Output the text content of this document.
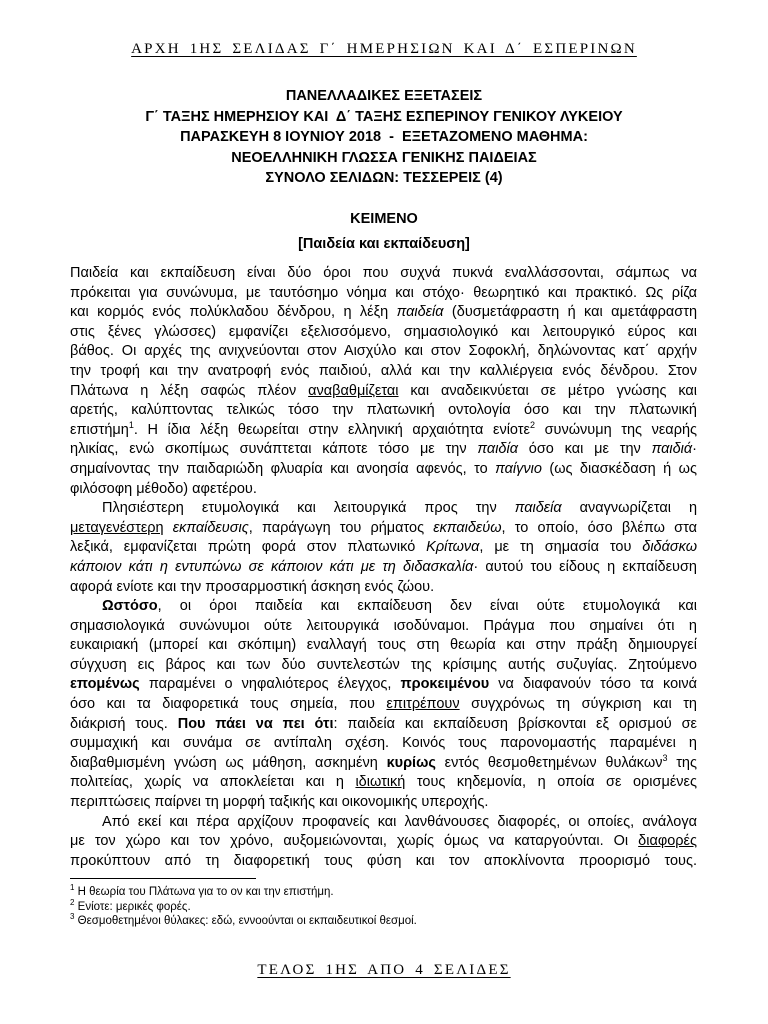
ΑΡΧΗ 1ΗΣ ΣΕΛΙΔΑΣ Γ΄ ΗΜΕΡΗΣΙΩΝ ΚΑΙ Δ΄ ΕΣΠΕΡΙΝΩΝ
ΠΑΝΕΛΛΑΔΙΚΕΣ ΕΞΕΤΑΣΕΙΣ
Γ΄ ΤΑΞΗΣ ΗΜΕΡΗΣΙΟΥ ΚΑΙ  Δ΄ ΤΑΞΗΣ ΕΣΠΕΡΙΝΟΥ ΓΕΝΙΚΟΥ ΛΥΚΕΙΟΥ
ΠΑΡΑΣΚΕΥΗ 8 ΙΟΥΝΙΟΥ 2018  -  ΕΞΕΤΑΖΟΜΕΝΟ ΜΑΘΗΜΑ:
ΝΕΟΕΛΛΗΝΙΚΗ ΓΛΩΣΣΑ ΓΕΝΙΚΗΣ ΠΑΙΔΕΙΑΣ
ΣΥΝΟΛΟ ΣΕΛΙΔΩΝ: ΤΕΣΣΕΡΕΙΣ (4)
ΚΕΙΜΕΝΟ
[Παιδεία και εκπαίδευση]
Παιδεία και εκπαίδευση είναι δύο όροι που συχνά πυκνά εναλλάσσονται, σάμπως να
πρόκειται για συνώνυμα, με ταυτόσημο νόημα και στόχο· θεωρητικό και πρακτικό. Ως ρίζα
και κορμός ενός πολύκλαδου δένδρου, η λέξη παιδεία (δυσμετάφραστη ή και αμετάφραστη
στις ξένες γλώσσες) εμφανίζει εξελισσόμενο, σημασιολογικό και λειτουργικό εύρος και
βάθος. Οι αρχές της ανιχνεύονται στον Αισχύλο και στον Σοφοκλή, δηλώνοντας κατ΄ αρχήν
την τροφή και την ανατροφή ενός παιδιού, αλλά και την καλλιέργεια ενός δένδρου. Στον
Πλάτωνα η λέξη σαφώς πλέον αναβαθμίζεται και αναδεικνύεται σε μέτρο γνώσης και
αρετής, καλύπτοντας τελικώς τόσο την πλατωνική οντολογία όσο και την πλατωνική
επιστήμη$^1$. Η ίδια λέξη θεωρείται στην ελληνική αρχαιότητα ενίοτε$^2$ συνώνυμη της νεαρής
ηλικίας, ενώ σκοπίμως συνάπτεται κάποτε τόσο με την παιδία όσο και με την παιδιά·
σημαίνοντας την παιδαριώδη φλυαρία και ανοησία αφενός, το παίγνιο (ως διασκέδαση ή ως
φιλόσοφη μέθοδο) αφετέρου.
Πλησιέστερη ετυμολογικά και λειτουργικά προς την παιδεία αναγνωρίζεται η
μεταγενέστερη εκπαίδευσις, παράγωγη του ρήματος εκπαιδεύω, το οποίο, όσο βλέπω στα
λεξικά, εμφανίζεται πρώτη φορά στον πλατωνικό Κρίτωνα, με τη σημασία του διδάσκω
κάποιον κάτι η εντυπώνω σε κάποιον κάτι με τη διδασκαλία· αυτού του είδους η εκπαίδευση
αφορά ενίοτε και την προσαρμοστική άσκηση ενός ζώου.
Ωστόσο, οι όροι παιδεία και εκπαίδευση δεν είναι ούτε ετυμολογικά και
σημασιολογικά συνώνυμοι ούτε λειτουργικά ισοδύναμοι. Πράγμα που σημαίνει ότι η
ευκαιριακή (μπορεί και σκόπιμη) εναλλαγή τους στη θεωρία και στην πράξη δημιουργεί
σύγχυση εις βάρος και των δύο συντελεστών της κρίσιμης αυτής συζυγίας. Ζητούμενο
επομένως παραμένει ο νηφαλιότερος έλεγχος, προκειμένου να διαφανούν τόσο τα κοινά
όσο και τα διαφορετικά τους σημεία, που επιτρέπουν συγχρόνως τη σύγκριση και τη
διάκρισή τους. Που πάει να πει ότι: παιδεία και εκπαίδευση βρίσκονται εξ ορισμού σε
συμμαχική και συνάμα σε αντίπαλη σχέση. Κοινός τους παρονομαστής παραμένει η
διαβαθμισμένη γνώση ως μάθηση, ασκημένη κυρίως εντός θεσμοθετημένων θυλάκων$^3$ της
πολιτείας, χωρίς να αποκλείεται και η ιδιωτική τους κηδεμονία, η οποία σε ορισμένες
περιπτώσεις παίρνει τη μορφή ταξικής και οικονομικής υπεροχής.
Από εκεί και πέρα αρχίζουν προφανείς και λανθάνουσες διαφορές, οι οποίες, ανάλογα
με τον χώρο και τον χρόνο, αυξομειώνονται, χωρίς όμως να καταργούνται. Οι διαφορές
προκύπτουν από τη διαφορετική τους φύση και τον αποκλίνοντα προορισμό τους.
$^1$ Η θεωρία του Πλάτωνα για το ον και την επιστήμη.
$^2$ Ενίοτε: μερικές φορές.
$^3$ Θεσμοθετημένοι θύλακες: εδώ, εννοούνται οι εκπαιδευτικοί θεσμοί.
ΤΕΛΟΣ 1ΗΣ ΑΠΟ 4 ΣΕΛΙΔΕΣ
